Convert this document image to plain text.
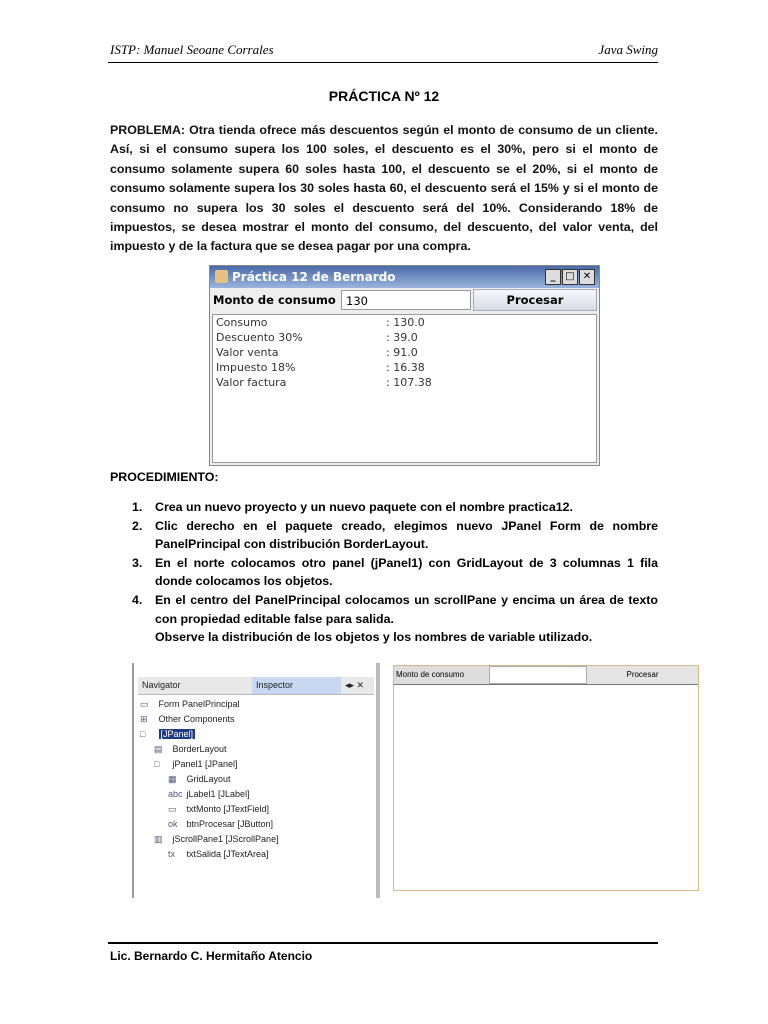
ISTP: Manuel Seoane Corrales	Java Swing
PRÁCTICA Nº 12
PROBLEMA: Otra tienda ofrece más descuentos según el monto de consumo de un cliente. Así, si el consumo supera los 100 soles, el descuento es el 30%, pero si el monto de consumo solamente supera 60 soles hasta 100, el descuento se el 20%, si el monto de consumo solamente supera los 30 soles hasta 60, el descuento será el 15% y si el monto de consumo no supera los 30 soles el descuento será del 10%. Considerando 18% de impuestos, se desea mostrar el monto del consumo, del descuento, del valor venta, del impuesto y de la factura que se desea pagar por una compra.
Práctica 12 de Bernardo	_ □ ✕
Monto de consumo 130	Procesar
Consumo	: 130.0
Descuento 30%	: 39.0
Valor venta	: 91.0
Impuesto 18%	: 16.38
Valor factura	: 107.38
PROCEDIMIENTO:
1. Crea un nuevo proyecto y un nuevo paquete con el nombre practica12.
2. Clic derecho en el paquete creado, elegimos nuevo JPanel Form de nombre PanelPrincipal con distribución BorderLayout.
3. En el norte colocamos otro panel (jPanel1) con GridLayout de 3 columnas 1 fila donde colocamos los objetos.
4. En el centro del PanelPrincipal colocamos un scrollPane y encima un área de texto con propiedad editable false para salida.
Observe la distribución de los objetos y los nombres de variable utilizado.
Navigator	Inspector	◂▸ ✕
▭ Form PanelPrincipal
⊞ Other Components
□ [JPanel]
▤ BorderLayout
□ jPanel1 [JPanel]
▦ GridLayout
abc jLabel1 [JLabel]
▭ txtMonto [JTextField]
ok btnProcesar [JButton]
▥ jScrollPane1 [JScrollPane]
tx txtSalida [JTextArea]
Monto de consumo	Procesar
Lic. Bernardo C. Hermitaño Atencio
